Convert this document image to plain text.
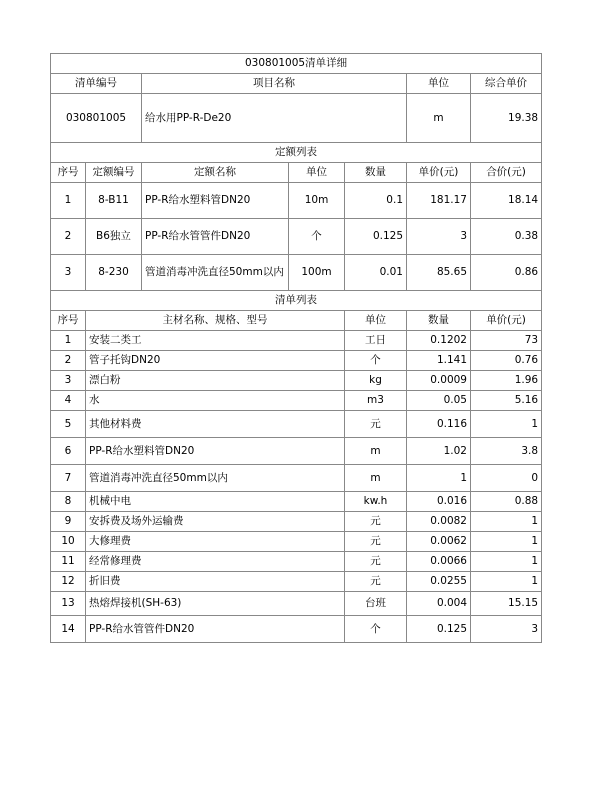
030801005清单详细							
清单编号		项目名称			单位	综合单价	
030801005		给水用PP-R-De20			m	19.38	
定额列表							
序号	定额编号	定额名称	单位	数量	单价(元)	合价(元)	
1	8-B11	PP-R给水塑料管DN20	10m	0.1	181.17	18.14	
2	B6独立	PP-R给水管管件DN20	个	0.125	3	0.38	
3	8-230	管道消毒冲洗直径50mm以内	100m	0.01	85.65	0.86	
清单列表							
序号	主材名称、规格、型号			单位	数量	单价(元)	
1	安装二类工			工日	0.1202	73	
2	管子托钩DN20			个	1.141	0.76	
3	漂白粉			kg	0.0009	1.96	
4	水			m3	0.05	5.16	
5	其他材料费			元	0.116	1	
6	PP-R给水塑料管DN20			m	1.02	3.8	
7	管道消毒冲洗直径50mm以内			m	1	0	
8	机械中电			kw.h	0.016	0.88	
9	安拆费及场外运输费			元	0.0082	1	
10	大修理费			元	0.0062	1	
11	经常修理费			元	0.0066	1	
12	折旧费			元	0.0255	1	
13	热熔焊接机(SH-63)			台班	0.004	15.15	
14	PP-R给水管管件DN20			个	0.125	3	
